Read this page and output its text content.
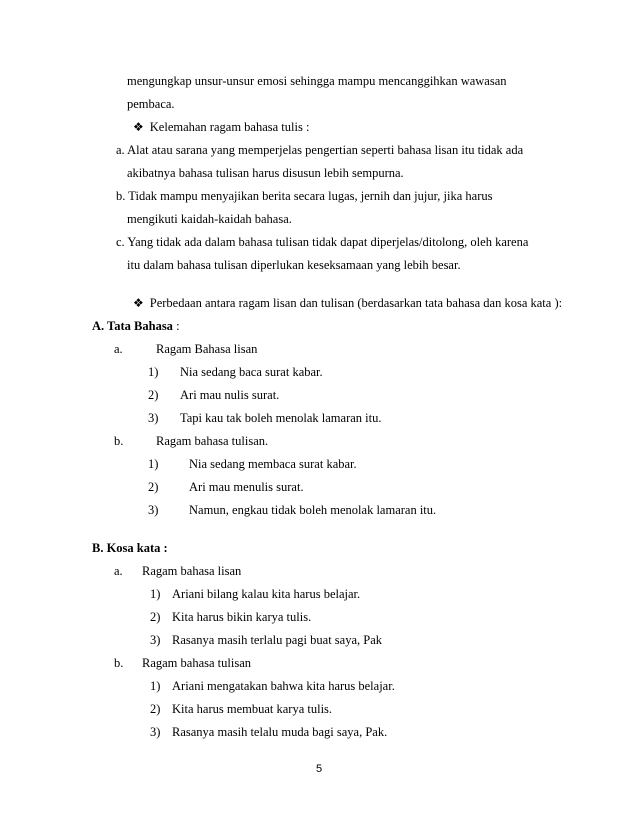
mengungkap unsur-unsur emosi sehingga mampu mencanggihkan wawasan
pembaca.
❖ Kelemahan ragam bahasa tulis :
a. Alat atau sarana yang memperjelas pengertian seperti bahasa lisan itu tidak ada
akibatnya bahasa tulisan harus disusun lebih sempurna.
b. Tidak mampu menyajikan berita secara lugas, jernih dan jujur, jika harus
mengikuti kaidah-kaidah bahasa.
c. Yang tidak ada dalam bahasa tulisan tidak dapat diperjelas/ditolong, oleh karena
itu dalam bahasa tulisan diperlukan keseksamaan yang lebih besar.
❖ Perbedaan antara ragam lisan dan tulisan (berdasarkan tata bahasa dan kosa kata ):
A. Tata Bahasa :
a.	Ragam Bahasa lisan
1) Nia sedang baca surat kabar.
2) Ari mau nulis surat.
3) Tapi kau tak boleh menolak lamaran itu.
b.	Ragam bahasa tulisan.
1) Nia sedang membaca surat kabar.
2) Ari mau menulis surat.
3) Namun, engkau tidak boleh menolak lamaran itu.
B. Kosa kata :
a. Ragam bahasa lisan
1) Ariani bilang kalau kita harus belajar.
2) Kita harus bikin karya tulis.
3) Rasanya masih terlalu pagi buat saya, Pak
b. Ragam bahasa tulisan
1) Ariani mengatakan bahwa kita harus belajar.
2) Kita harus membuat karya tulis.
3) Rasanya masih telalu muda bagi saya, Pak.
5
